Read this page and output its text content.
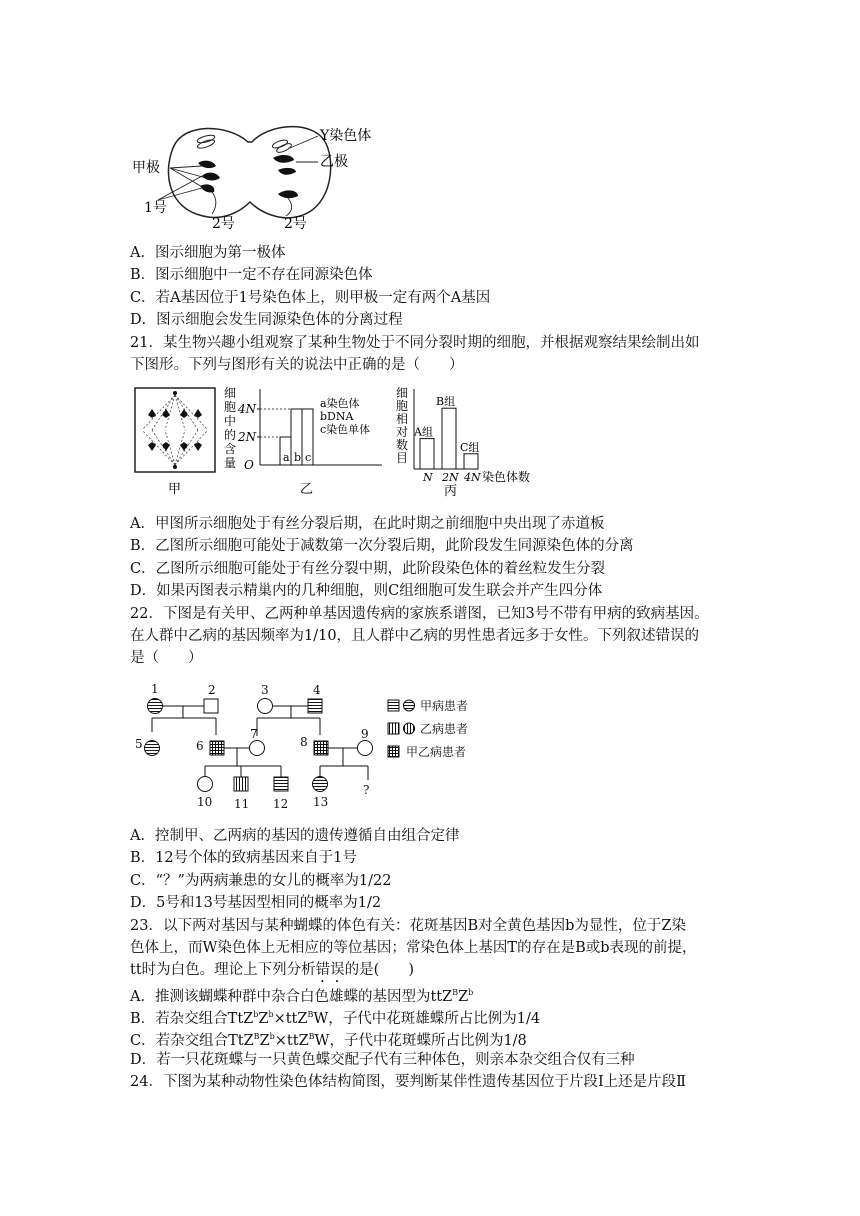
Y染色体
乙极
甲极
1号
2号	2号
A．图示细胞为第一极体
B．图示细胞中一定不存在同源染色体
C．若A基因位于1号染色体上，则甲极一定有两个A基因
D．图示细胞会发生同源染色体的分离过程
21．某生物兴趣小组观察了某种生物处于不同分裂时期的细胞，并根据观察结果绘制出如
下图形。下列与图形有关的说法中正确的是（　　）
甲
细
胞
中
的
含
量
4N
2N
O
a b c
a染色体
bDNA
c染色单体
乙
细
胞
相
对
数
目
A组
N
B组
2N
C组
4N 染色体数
丙
A．甲图所示细胞处于有丝分裂后期，在此时期之前细胞中央出现了赤道板
B．乙图所示细胞可能处于减数第一次分裂后期，此阶段发生同源染色体的分离
C．乙图所示细胞可能处于有丝分裂中期，此阶段染色体的着丝粒发生分裂
D．如果丙图表示精巢内的几种细胞，则C组细胞可发生联会并产生四分体
22．下图是有关甲、乙两种单基因遗传病的家族系谱图，已知3号不带有甲病的致病基因。
在人群中乙病的基因频率为1/10，且人群中乙病的男性患者远多于女性。下列叙述错误的
是（　　）
1	2	3	4
5	6
7
8
9
10 11 12 13
?
甲病患者
乙病患者
甲乙病患者
A．控制甲、乙两病的基因的遗传遵循自由组合定律
B．12号个体的致病基因来自于1号
C．“？”为两病兼患的女儿的概率为1/22
D．5号和13号基因型相同的概率为1/2
23．以下两对基因与某种蝴蝶的体色有关：花斑基因B对全黄色基因b为显性，位于Z染
色体上，而W染色体上无相应的等位基因；常染色体上基因T的存在是B或b表现的前提，
tt时为白色。理论上下列分析错误的是(　　)
A．推测该蝴蝶种群中杂合白色雄蝶的基因型为$ttZ^BZ^b$
B．若杂交组合$TtZ^bZ^b\times ttZ^BW$，子代中花斑雄蝶所占比例为1/4
C．若杂交组合$TtZ^BZ^b\times ttZ^BW$，子代中花斑蝶所占比例为1/8
D．若一只花斑蝶与一只黄色蝶交配子代有三种体色，则亲本杂交组合仅有三种
24．下图为某种动物性染色体结构简图，要判断某伴性遗传基因位于片段Ⅰ上还是片段Ⅱ
